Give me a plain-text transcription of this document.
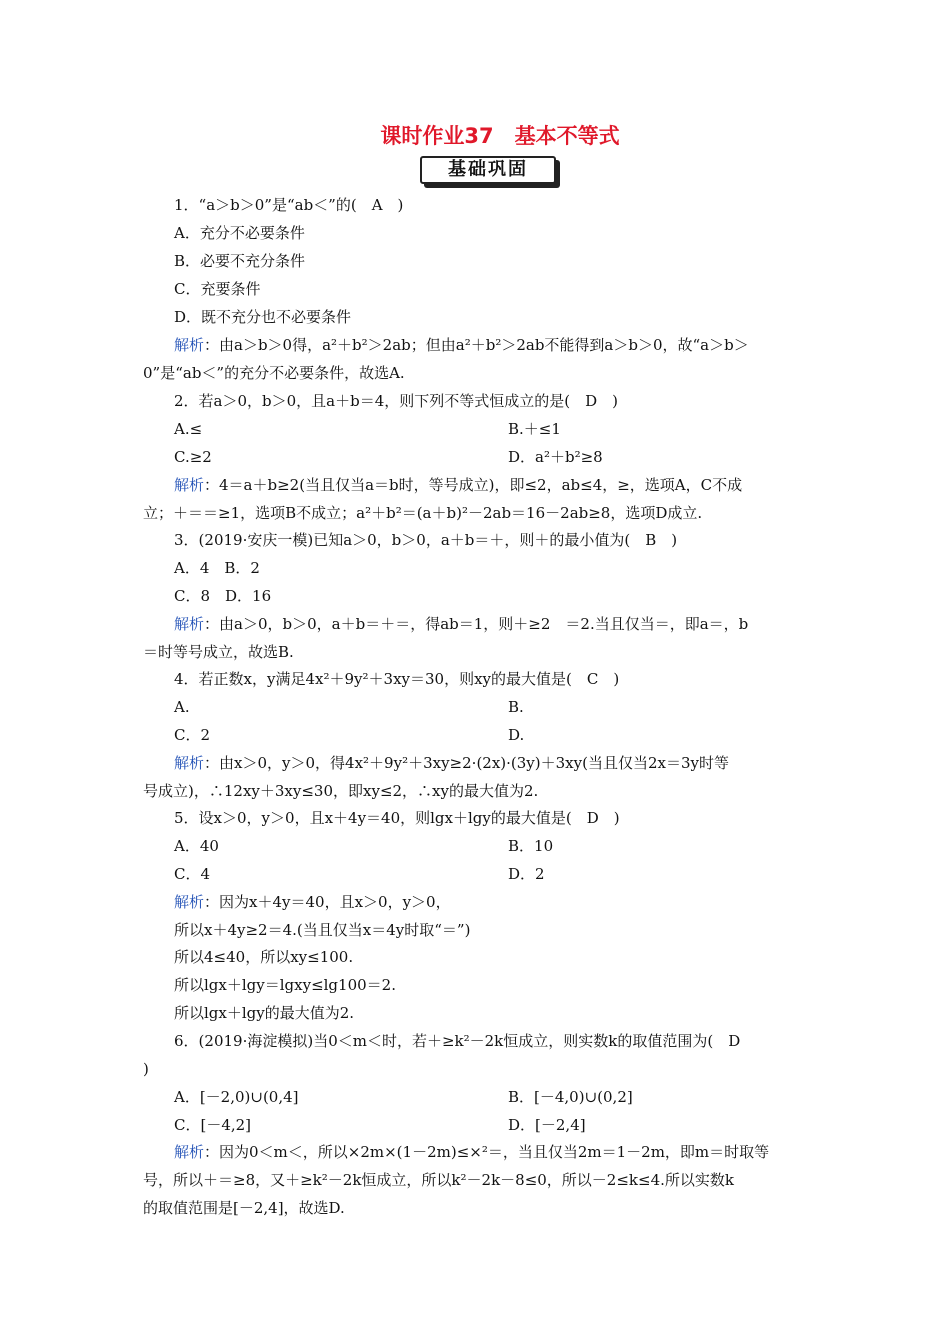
课时作业37　基本不等式
基础巩固
1．“a＞b＞0”是“ab＜”的(　A　)
A．充分不必要条件
B．必要不充分条件
C．充要条件
D．既不充分也不必要条件
解析：由a＞b＞0得，a²＋b²＞2ab；但由a²＋b²＞2ab不能得到a＞b＞0，故“a＞b＞
0”是“ab＜”的充分不必要条件，故选A.
2．若a＞0，b＞0，且a＋b＝4，则下列不等式恒成立的是(　D　)
A.≤	B.＋≤1
C.≥2	D．a²＋b²≥8
解析：4＝a＋b≥2(当且仅当a＝b时，等号成立)，即≤2，ab≤4，≥，选项A，C不成
立；＋＝＝≥1，选项B不成立；a²＋b²＝(a＋b)²－2ab＝16－2ab≥8，选项D成立.
3．(2019·安庆一模)已知a＞0，b＞0，a＋b＝＋，则＋的最小值为(　B　)
A．4　B．2
C．8　D．16
解析：由a＞0，b＞0，a＋b＝＋＝，得ab＝1，则＋≥2　＝2.当且仅当＝，即a＝，b
＝时等号成立，故选B.
4．若正数x，y满足4x²＋9y²＋3xy＝30，则xy的最大值是(　C　)
A.	B.
C．2	D.
解析：由x＞0，y＞0，得4x²＋9y²＋3xy≥2·(2x)·(3y)＋3xy(当且仅当2x＝3y时等
号成立)，∴12xy＋3xy≤30，即xy≤2，∴xy的最大值为2.
5．设x＞0，y＞0，且x＋4y＝40，则lgx＋lgy的最大值是(　D　)
A．40	B．10
C．4	D．2
解析：因为x＋4y＝40，且x＞0，y＞0，
所以x＋4y≥2＝4.(当且仅当x＝4y时取“＝”)
所以4≤40，所以xy≤100.
所以lgx＋lgy＝lgxy≤lg100＝2.
所以lgx＋lgy的最大值为2.
6．(2019·海淀模拟)当0＜m＜时，若＋≥k²－2k恒成立，则实数k的取值范围为(　D
)
A．[－2,0)∪(0,4]	B．[－4,0)∪(0,2]
C．[－4,2]	D．[－2,4]
解析：因为0＜m＜，所以×2m×(1－2m)≤×²＝，当且仅当2m＝1－2m，即m＝时取等
号，所以＋＝≥8，又＋≥k²－2k恒成立，所以k²－2k－8≤0，所以－2≤k≤4.所以实数k
的取值范围是[－2,4]，故选D.
